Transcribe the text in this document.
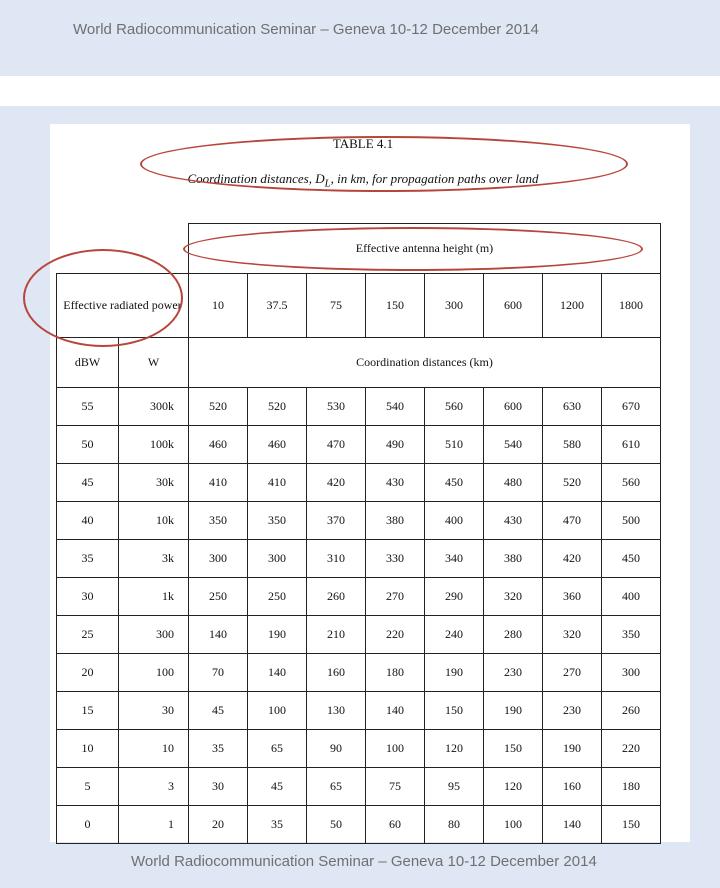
World Radiocommunication Seminar – Geneva 10-12 December 2014
World Radiocommunication Seminar – Geneva 10-12 December 2014
TABLE 4.1
Coordination distances, $D_L$, in km, for propagation paths over land
		Effective antenna height (m)							
Effective radiated power		10	37.5	75	150	300	600	1200	1800
dBW	W	Coordination distances (km)							
55	300k	520	520	530	540	560	600	630	670
50	100k	460	460	470	490	510	540	580	610
45	30k	410	410	420	430	450	480	520	560
40	10k	350	350	370	380	400	430	470	500
35	3k	300	300	310	330	340	380	420	450
30	1k	250	250	260	270	290	320	360	400
25	300	140	190	210	220	240	280	320	350
20	100	70	140	160	180	190	230	270	300
15	30	45	100	130	140	150	190	230	260
10	10	35	65	90	100	120	150	190	220
5	3	30	45	65	75	95	120	160	180
0	1	20	35	50	60	80	100	140	150
